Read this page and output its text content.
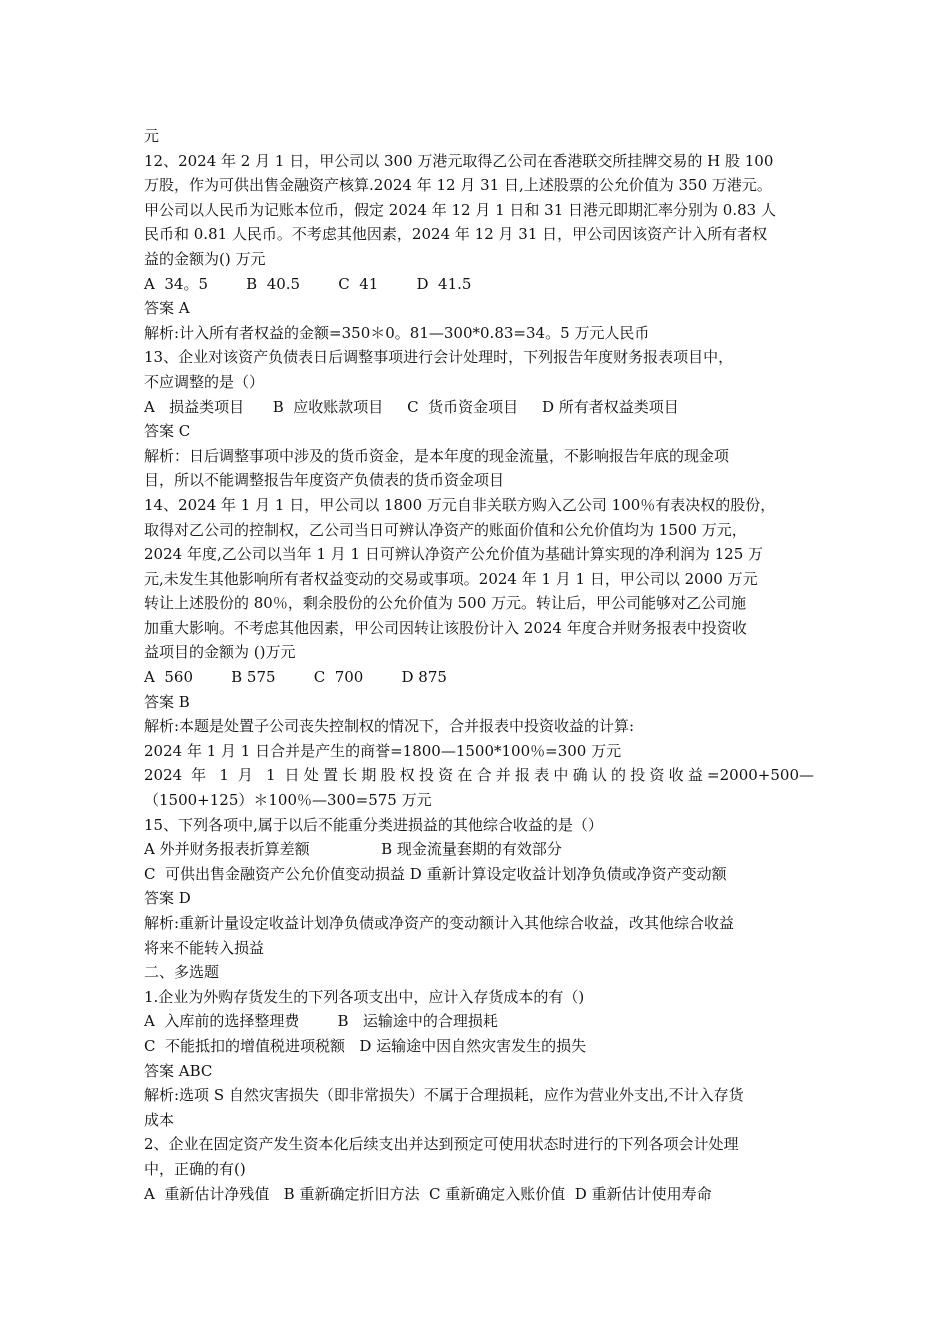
元
12、2024 年 2 月 1 日，甲公司以 300 万港元取得乙公司在香港联交所挂牌交易的 H 股 100
万股，作为可供出售金融资产核算.2024 年 12 月 31 日,上述股票的公允价值为 350 万港元。
甲公司以人民币为记账本位币，假定 2024 年 12 月 1 日和 31 日港元即期汇率分别为 0.83 人
民币和 0.81 人民币。不考虑其他因素，2024 年 12 月 31 日，甲公司因该资产计入所有者权
益的金额为() 万元
A  34。5        B  40.5        C  41        D  41.5
答案 A
解析:计入所有者权益的金额=350＊0。81—300*0.83=34。5 万元人民币
13、企业对该资产负债表日后调整事项进行会计处理时，下列报告年度财务报表项目中，
不应调整的是（）
A   损益类项目      B  应收账款项目     C  货币资金项目     D 所有者权益类项目
答案 C
解析：日后调整事项中涉及的货币资金，是本年度的现金流量，不影响报告年底的现金项
目，所以不能调整报告年度资产负债表的货币资金项目
14、2024 年 1 月 1 日，甲公司以 1800 万元自非关联方购入乙公司 100％有表决权的股份，
取得对乙公司的控制权，乙公司当日可辨认净资产的账面价值和公允价值均为 1500 万元，
2024 年度,乙公司以当年 1 月 1 日可辨认净资产公允价值为基础计算实现的净利润为 125 万
元,未发生其他影响所有者权益变动的交易或事项。2024 年 1 月 1 日，甲公司以 2000 万元
转让上述股份的 80％，剩余股份的公允价值为 500 万元。转让后，甲公司能够对乙公司施
加重大影响。不考虑其他因素，甲公司因转让该股份计入 2024 年度合并财务报表中投资收
益项目的金额为 ()万元
A  560        B 575        C  700        D 875
答案 B
解析:本题是处置子公司丧失控制权的情况下，合并报表中投资收益的计算:
2024 年 1 月 1 日合并是产生的商誉=1800—1500*100％=300 万元
2024 年 1 月 1 日处置长期股权投资在合并报表中确认的投资收益=2000+500—
（1500+125）＊100％—300=575 万元
15、下列各项中,属于以后不能重分类进损益的其他综合收益的是（）
A 外并财务报表折算差额               B 现金流量套期的有效部分
C  可供出售金融资产公允价值变动损益 D 重新计算设定收益计划净负债或净资产变动额
答案 D
解析:重新计量设定收益计划净负债或净资产的变动额计入其他综合收益，改其他综合收益
将来不能转入损益
二、多选题
1.企业为外购存货发生的下列各项支出中，应计入存货成本的有（)
A  入库前的选择整理费        B   运输途中的合理损耗
C  不能抵扣的增值税进项税额   D 运输途中因自然灾害发生的损失
答案 ABC
解析:选项 S 自然灾害损失（即非常损失）不属于合理损耗，应作为营业外支出,不计入存货
成本
2、企业在固定资产发生资本化后续支出并达到预定可使用状态时进行的下列各项会计处理
中，正确的有()
A  重新估计净残值   B 重新确定折旧方法  C 重新确定入账价值  D 重新估计使用寿命
